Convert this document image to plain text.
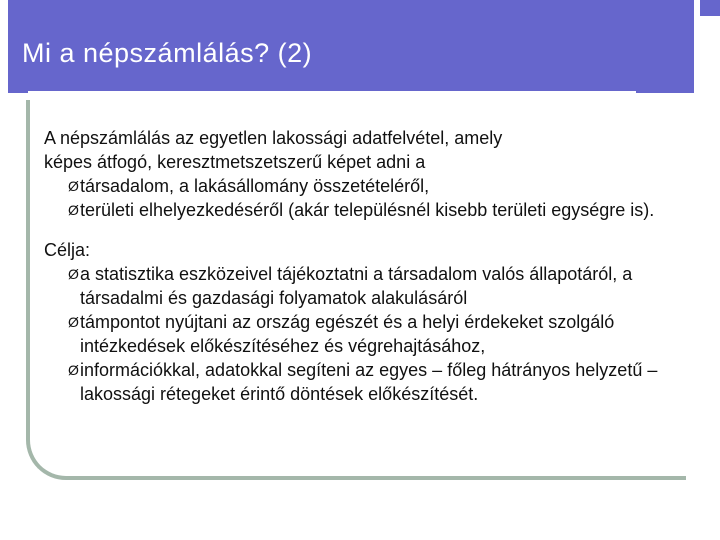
Mi a népszámlálás? (2)

A népszámlálás az egyetlen lakossági adatfelvétel, amely
képes átfogó, keresztmetszetszerű képet adni a

Ø társadalom, a lakásállomány összetételéről,
Ø területi elhelyezkedéséről (akár településnél kisebb területi egységre is).

Célja:

Ø a statisztika eszközeivel tájékoztatni a társadalom valós állapotáról, a társadalmi és gazdasági folyamatok alakulásáról
Ø támpontot nyújtani az ország egészét és a helyi érdekeket szolgáló intézkedések előkészítéséhez és végrehajtásához,
Ø információkkal, adatokkal segíteni az egyes – főleg hátrányos helyzetű – lakossági rétegeket érintő döntések előkészítését.
